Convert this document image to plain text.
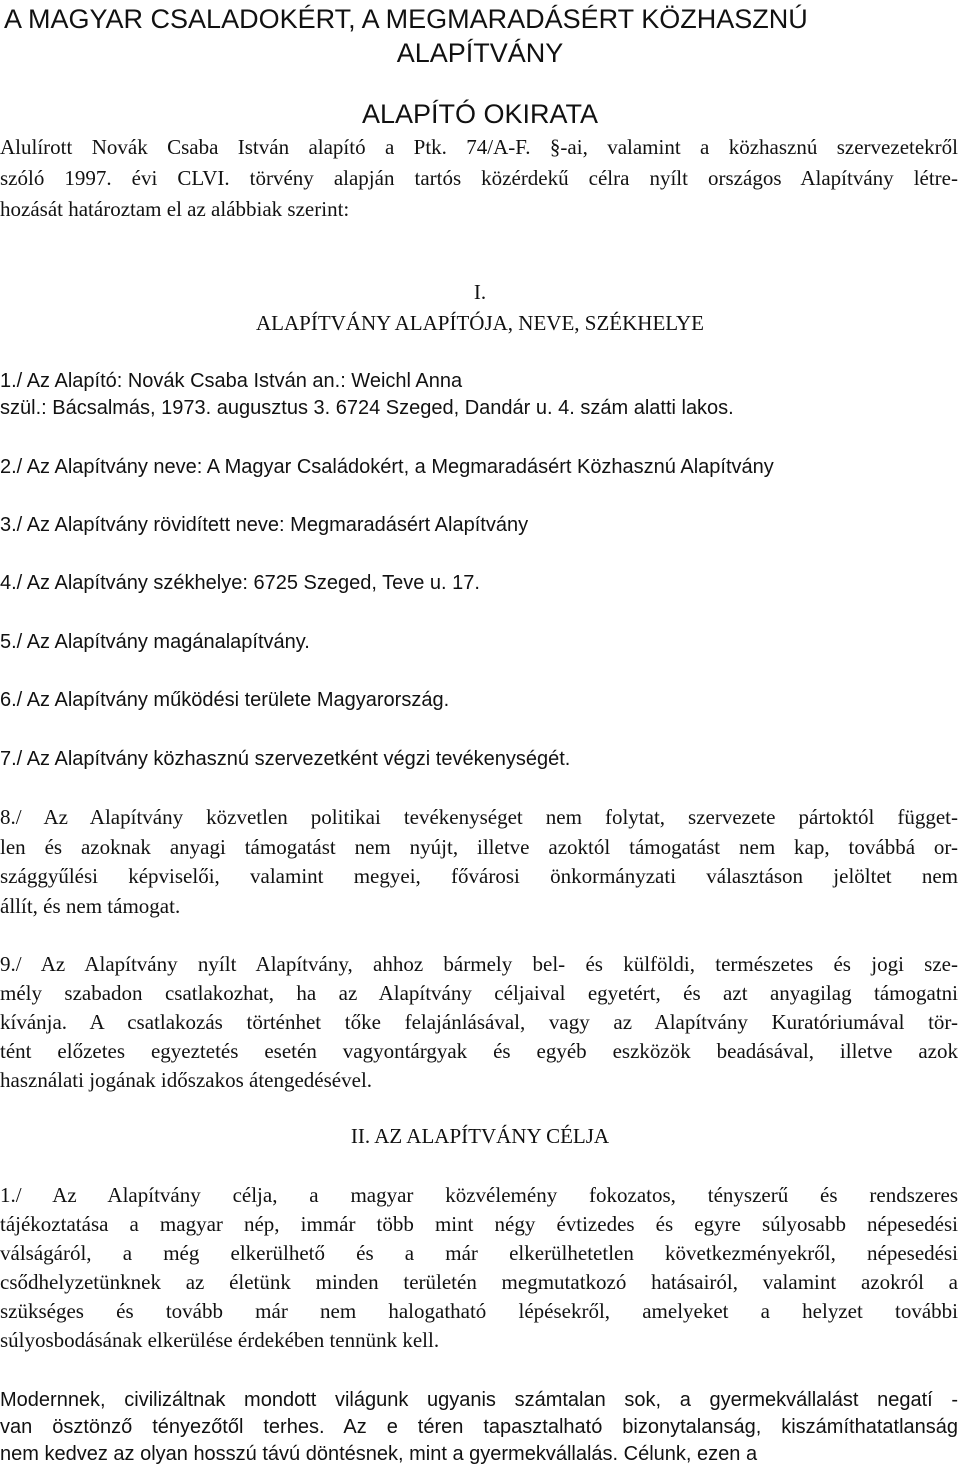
A MAGYAR CSALADOKÉRT, A MEGMARADÁSÉRT KÖZHASZNÚ
ALAPÍTVÁNY
ALAPÍTÓ OKIRATA
Alulírott Novák Csaba István alapító a Ptk. 74/A-F. §-ai, valamint a közhasznú szervezetekről
szóló 1997. évi CLVI. törvény alapján tartós közérdekű célra nyílt országos Alapítvány létre-
hozását határoztam el az alábbiak szerint:
I.
ALAPÍTVÁNY ALAPÍTÓJA, NEVE, SZÉKHELYE
1./ Az Alapító: Novák Csaba István an.: Weichl Anna
szül.: Bácsalmás, 1973. augusztus 3. 6724 Szeged, Dandár u. 4. szám alatti lakos.
2./ Az Alapítvány neve: A Magyar Családokért, a Megmaradásért Közhasznú Alapítvány
3./ Az Alapítvány rövidített neve: Megmaradásért Alapítvány
4./ Az Alapítvány székhelye: 6725 Szeged, Teve u. 17.
5./ Az Alapítvány magánalapítvány.
6./ Az Alapítvány működési területe Magyarország.
7./ Az Alapítvány közhasznú szervezetként végzi tevékenységét.
8./ Az Alapítvány közvetlen politikai tevékenységet nem folytat, szervezete pártoktól függet-
len és azoknak anyagi támogatást nem nyújt, illetve azoktól támogatást nem kap, továbbá or-
szággyűlési képviselői, valamint megyei, fővárosi önkormányzati választáson jelöltet nem
állít, és nem támogat.
9./ Az Alapítvány nyílt Alapítvány, ahhoz bármely bel- és külföldi, természetes és jogi sze-
mély szabadon csatlakozhat, ha az Alapítvány céljaival egyetért, és azt anyagilag támogatni
kívánja. A csatlakozás történhet tőke felajánlásával, vagy az Alapítvány Kuratóriumával tör-
tént előzetes egyeztetés esetén vagyontárgyak és egyéb eszközök beadásával, illetve azok
használati jogának időszakos átengedésével.
II. AZ ALAPÍTVÁNY CÉLJA
1./ Az Alapítvány célja, a magyar közvélemény fokozatos, tényszerű és rendszeres
tájékoztatása a magyar nép, immár több mint négy évtizedes és egyre súlyosabb népesedési
válságáról, a még elkerülhető és a már elkerülhetetlen következményekről, népesedési
csődhelyzetünknek az életünk minden területén megmutatkozó hatásairól, valamint azokról a
szükséges és tovább már nem halogatható lépésekről, amelyeket a helyzet további
súlyosbodásának elkerülése érdekében tennünk kell.
Modernnek, civilizáltnak mondott világunk ugyanis számtalan sok, a gyermekvállalást negatí -
van ösztönző tényezőtől terhes. Az e téren tapasztalható bizonytalanság, kiszámíthatatlanság
nem kedvez az olyan hosszú távú döntésnek, mint a gyermekvállalás. Célunk, ezen a
